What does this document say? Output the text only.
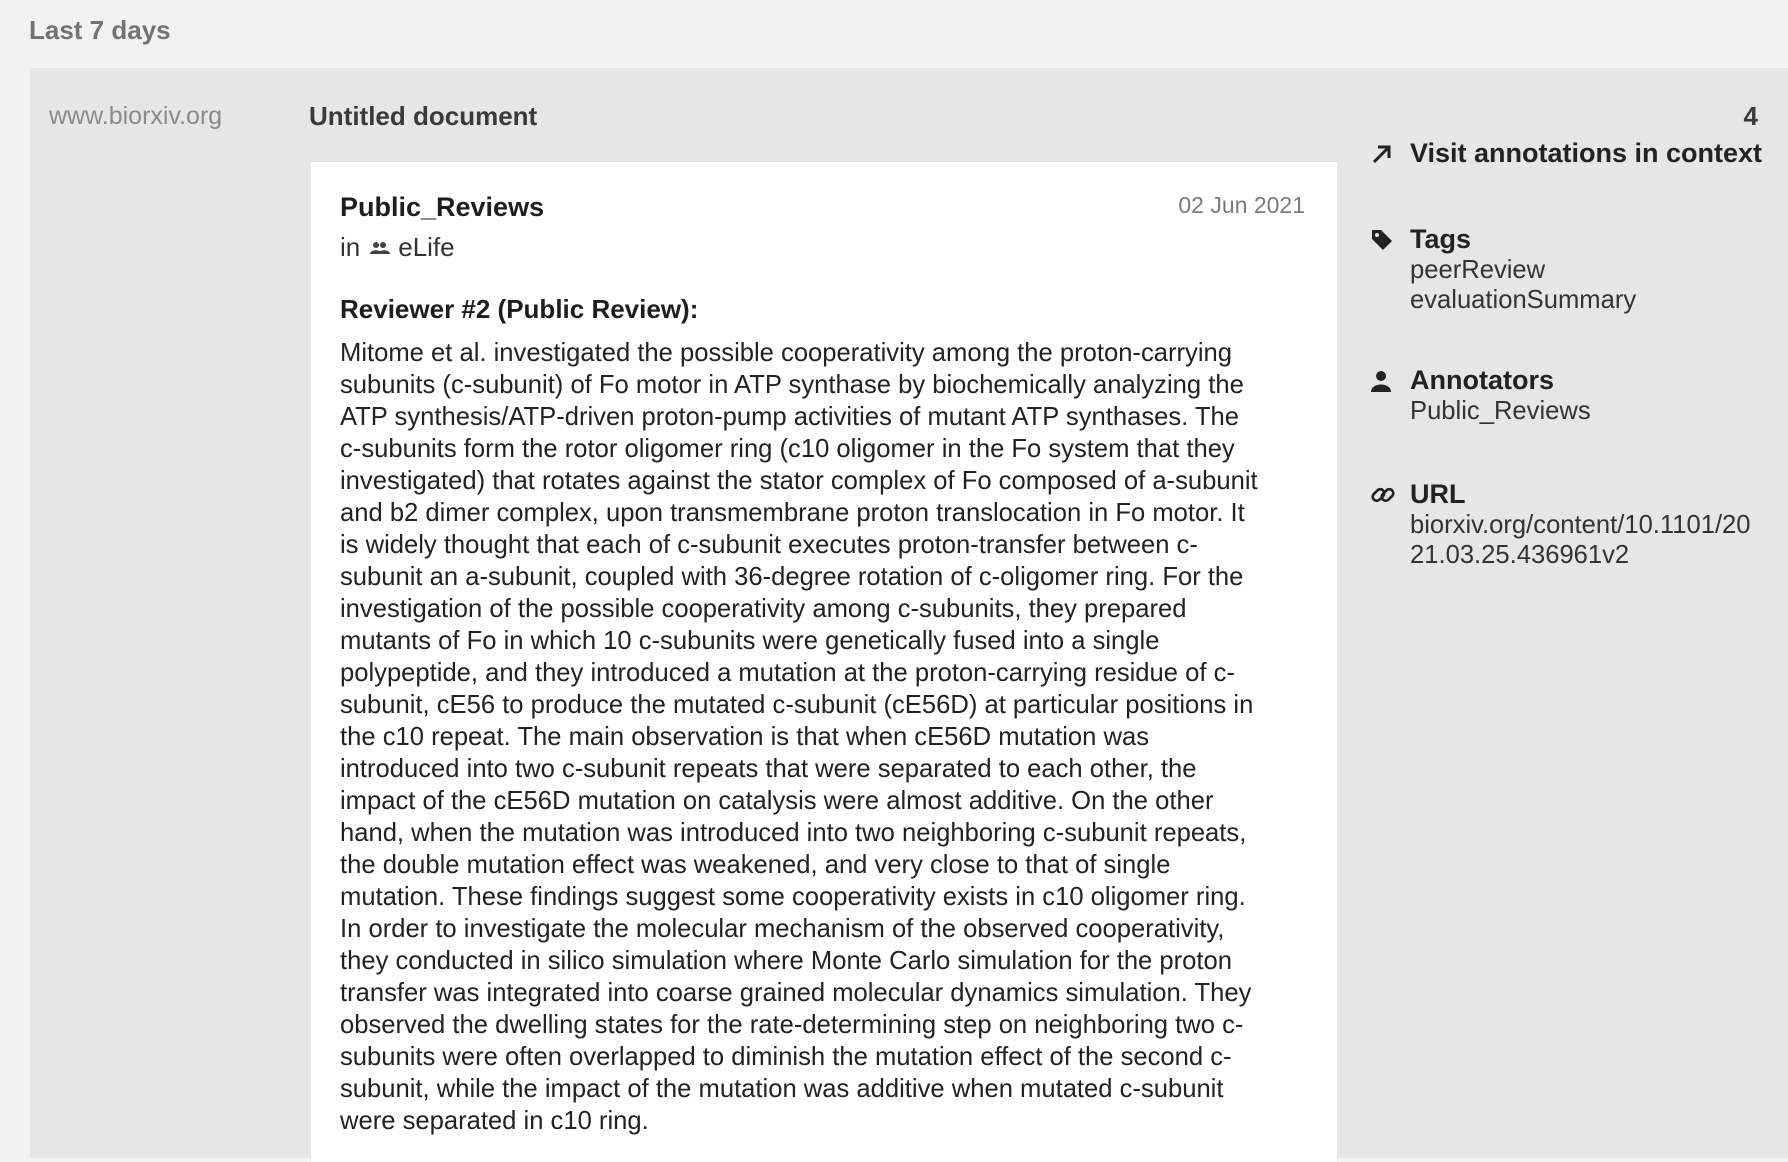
Last 7 days
www.biorxiv.org	Untitled document	4
Public_Reviews	02 Jun 2021
in eLife
Reviewer #2 (Public Review):
Mitome et al. investigated the possible cooperativity among the proton-carrying subunits (c-subunit) of Fo motor in ATP synthase by biochemically analyzing the ATP synthesis/ATP-driven proton-pump activities of mutant ATP synthases. The c-subunits form the rotor oligomer ring (c10 oligomer in the Fo system that they investigated) that rotates against the stator complex of Fo composed of a-subunit and b2 dimer complex, upon transmembrane proton translocation in Fo motor. It is widely thought that each of c-subunit executes proton-transfer between c-subunit an a-subunit, coupled with 36-degree rotation of c-oligomer ring. For the investigation of the possible cooperativity among c-subunits, they prepared mutants of Fo in which 10 c-subunits were genetically fused into a single polypeptide, and they introduced a mutation at the proton-carrying residue of c-subunit, cE56 to produce the mutated c-subunit (cE56D) at particular positions in the c10 repeat. The main observation is that when cE56D mutation was introduced into two c-subunit repeats that were separated to each other, the impact of the cE56D mutation on catalysis were almost additive. On the other hand, when the mutation was introduced into two neighboring c-subunit repeats, the double mutation effect was weakened, and very close to that of single mutation. These findings suggest some cooperativity exists in c10 oligomer ring. In order to investigate the molecular mechanism of the observed cooperativity, they conducted in silico simulation where Monte Carlo simulation for the proton transfer was integrated into coarse grained molecular dynamics simulation. They observed the dwelling states for the rate-determining step on neighboring two c-subunits were often overlapped to diminish the mutation effect of the second c-subunit, while the impact of the mutation was additive when mutated c-subunit were separated in c10 ring.
Visit annotations in context
Tags
peerReview
evaluationSummary
Annotators
Public_Reviews
URL
biorxiv.org/content/10.1101/20
21.03.25.436961v2
